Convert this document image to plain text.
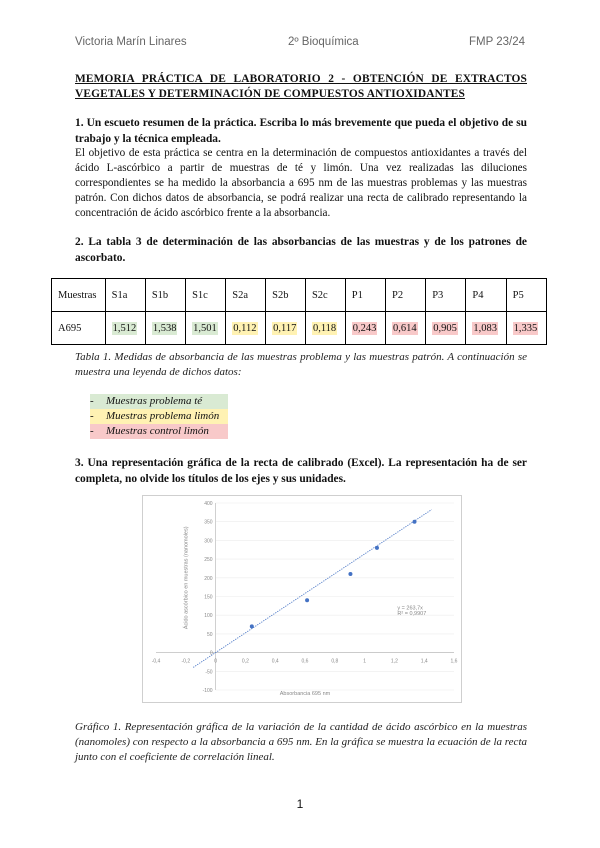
Victoria Marín Linares	2º Bioquímica	FMP 23/24
MEMORIA PRÁCTICA DE LABORATORIO 2 - OBTENCIÓN DE EXTRACTOS VEGETALES Y DETERMINACIÓN DE COMPUESTOS ANTIOXIDANTES
1. Un escueto resumen de la práctica. Escriba lo más brevemente que pueda el objetivo de su trabajo y la técnica empleada.
El objetivo de esta práctica se centra en la determinación de compuestos antioxidantes a través del ácido L-ascórbico a partir de muestras de té y limón. Una vez realizadas las diluciones correspondientes se ha medido la absorbancia a 695 nm de las muestras problemas y las muestras patrón. Con dichos datos de absorbancia, se podrá realizar una recta de calibrado representando la concentración de ácido ascórbico frente a la absorbancia.
2. La tabla 3 de determinación de las absorbancias de las muestras y de los patrones de ascorbato.
Muestras	S1a	S1b	S1c	S2a	S2b	S2c	P1	P2	P3	P4	P5
A695	1,512	1,538	1,501	0,112	0,117	0,118	0,243	0,614	0,905	1,083	1,335
Tabla 1. Medidas de absorbancia de las muestras problema y las muestras patrón. A continuación se muestra una leyenda de dichos datos:
- Muestras problema té
- Muestras problema limón
- Muestras control limón
3. Una representación gráfica de la recta de calibrado (Excel). La representación ha de ser completa, no olvide los títulos de los ejes y sus unidades.
-0,4	-0,2	0	0,2	0,4	0,6	0,8	1	1,2	1,4	1,6
-100
-50
0
50
100
150
200
250
300
350
400
y = 263,7x
R² = 0,9907
Absorbancia 695 nm
Ácido ascórbico en muestras (nanomoles)
Gráfico 1. Representación gráfica de la variación de la cantidad de ácido ascórbico en la muestras (nanomoles) con respecto a la absorbancia a 695 nm. En la gráfica se muestra la ecuación de la recta junto con el coeficiente de correlación lineal.
1
